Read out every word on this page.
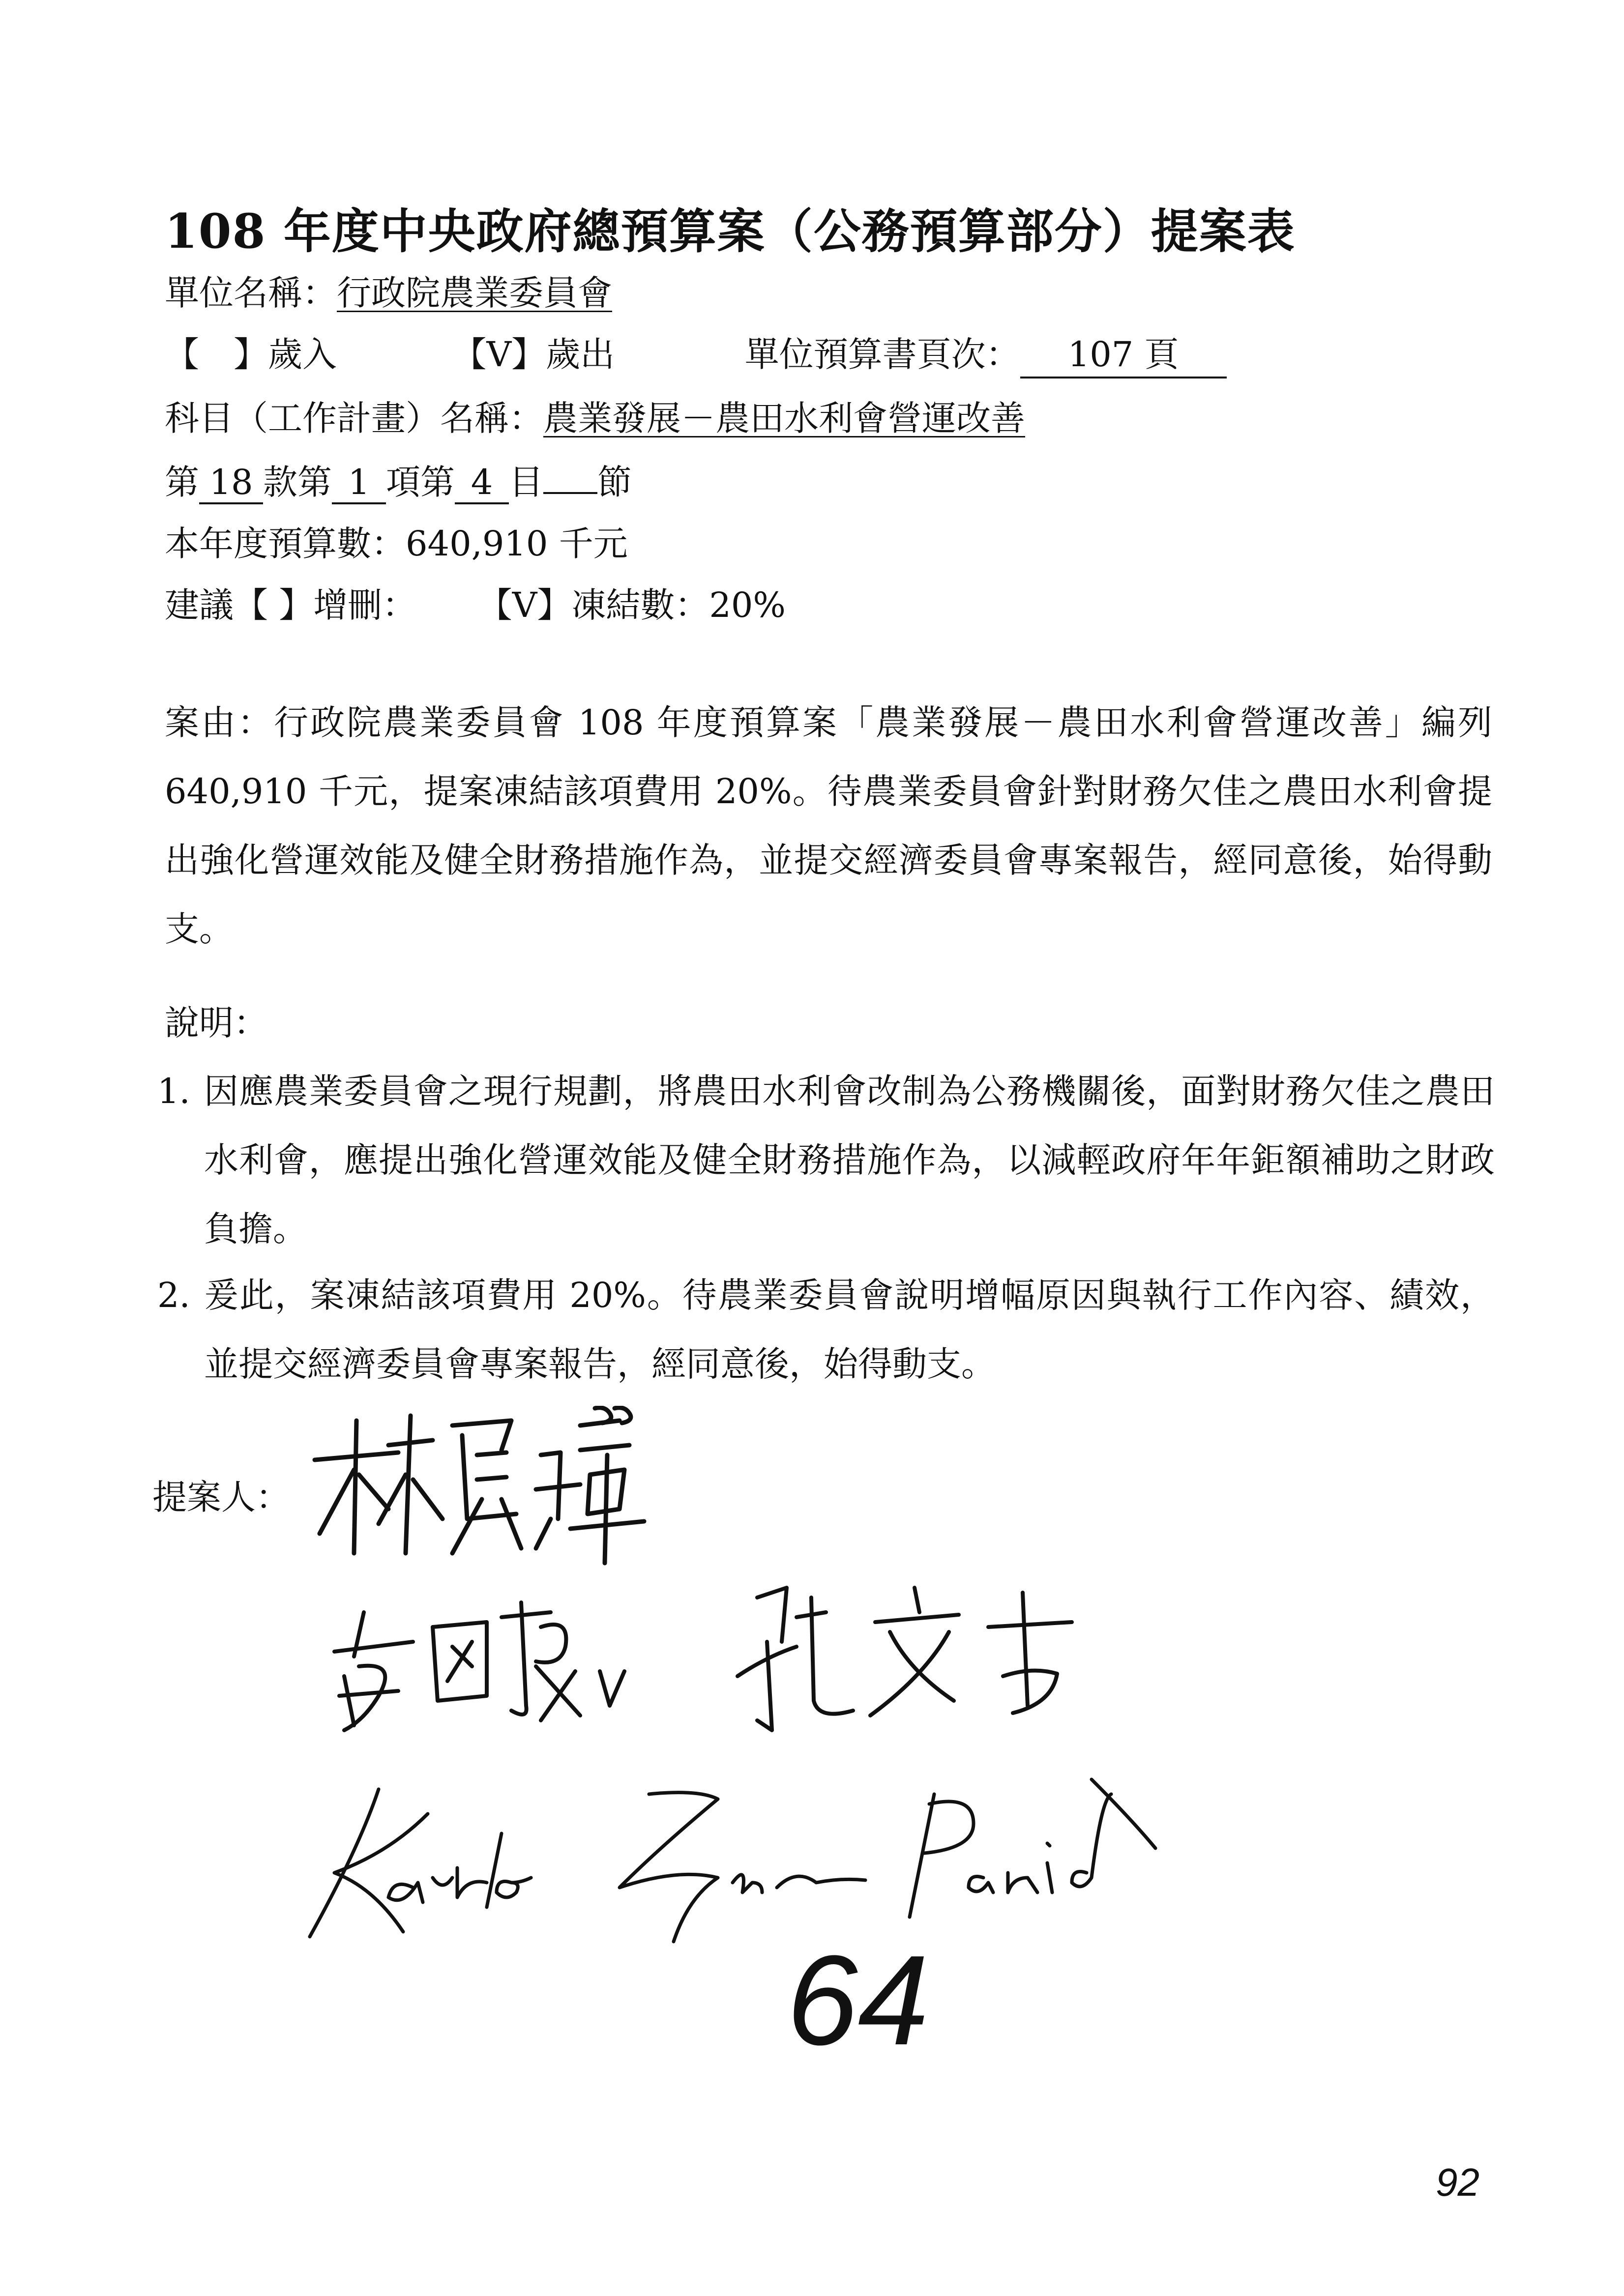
108 年度中央政府總預算案（公務預算部分）提案表
單位名稱：行政院農業委員會
【　】歲入	【V】歲出	單位預算書頁次： 107 頁
科目（工作計畫）名稱：農業發展－農田水利會營運改善
第 18 款第 1 項第 4 目 節
本年度預算數：640,910 千元
建議【 】增刪： 【V】凍結數：20%

案由：行政院農業委員會 108 年度預算案「農業發展－農田水利會營運改善」編列 640,910 千元，提案凍結該項費用 20%。待農業委員會針對財務欠佳之農田水利會提出強化營運效能及健全財務措施作為，並提交經濟委員會專案報告，經同意後，始得動支。

說明：
1. 因應農業委員會之現行規劃，將農田水利會改制為公務機關後，面對財務欠佳之農田水利會，應提出強化營運效能及健全財務措施作為，以減輕政府年年鉅額補助之財政負擔。
2. 爰此，案凍結該項費用 20%。待農業委員會說明增幅原因與執行工作內容、績效，並提交經濟委員會專案報告，經同意後，始得動支。
提案人：
64
92
